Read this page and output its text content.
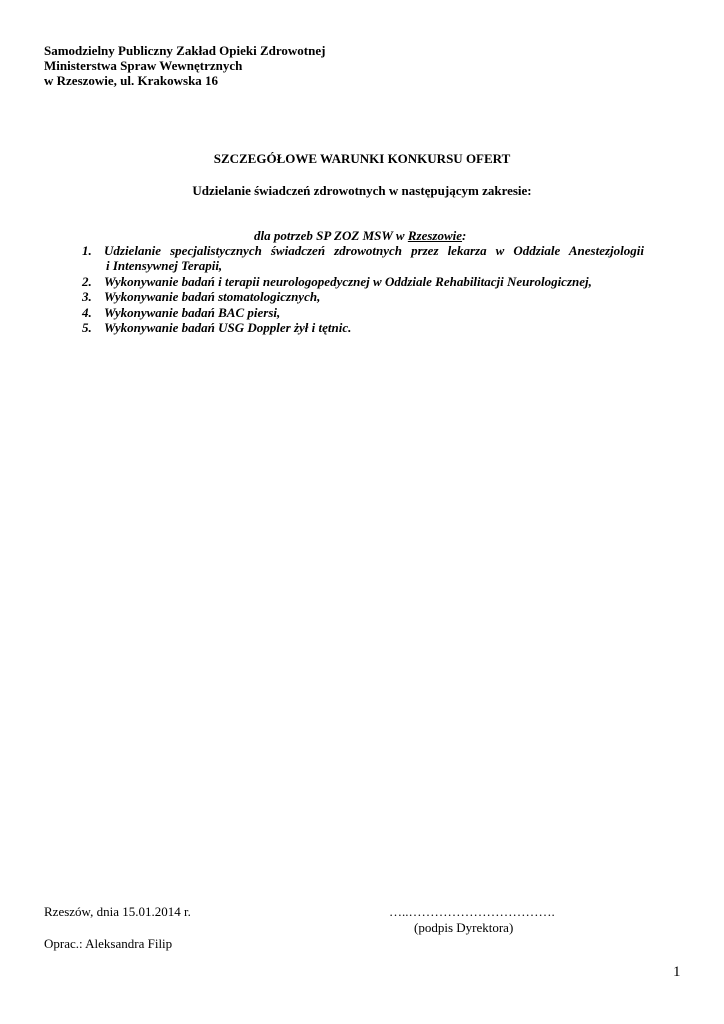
Samodzielny Publiczny Zakład Opieki Zdrowotnej
Ministerstwa Spraw Wewnętrznych
w Rzeszowie, ul. Krakowska 16
SZCZEGÓŁOWE WARUNKI KONKURSU OFERT
Udzielanie świadczeń zdrowotnych w następującym zakresie:
dla potrzeb SP ZOZ MSW w Rzeszowie:
1. Udzielanie specjalistycznych świadczeń zdrowotnych przez lekarza w Oddziale Anestezjologii
i Intensywnej Terapii,
2. Wykonywanie badań i terapii neurologopedycznej w Oddziale Rehabilitacji Neurologicznej,
3. Wykonywanie badań stomatologicznych,
4. Wykonywanie badań BAC piersi,
5. Wykonywanie badań USG Doppler żył i tętnic.
Rzeszów, dnia 15.01.2014 r.	…..…………………………….
(podpis Dyrektora)
Oprac.: Aleksandra Filip
1
